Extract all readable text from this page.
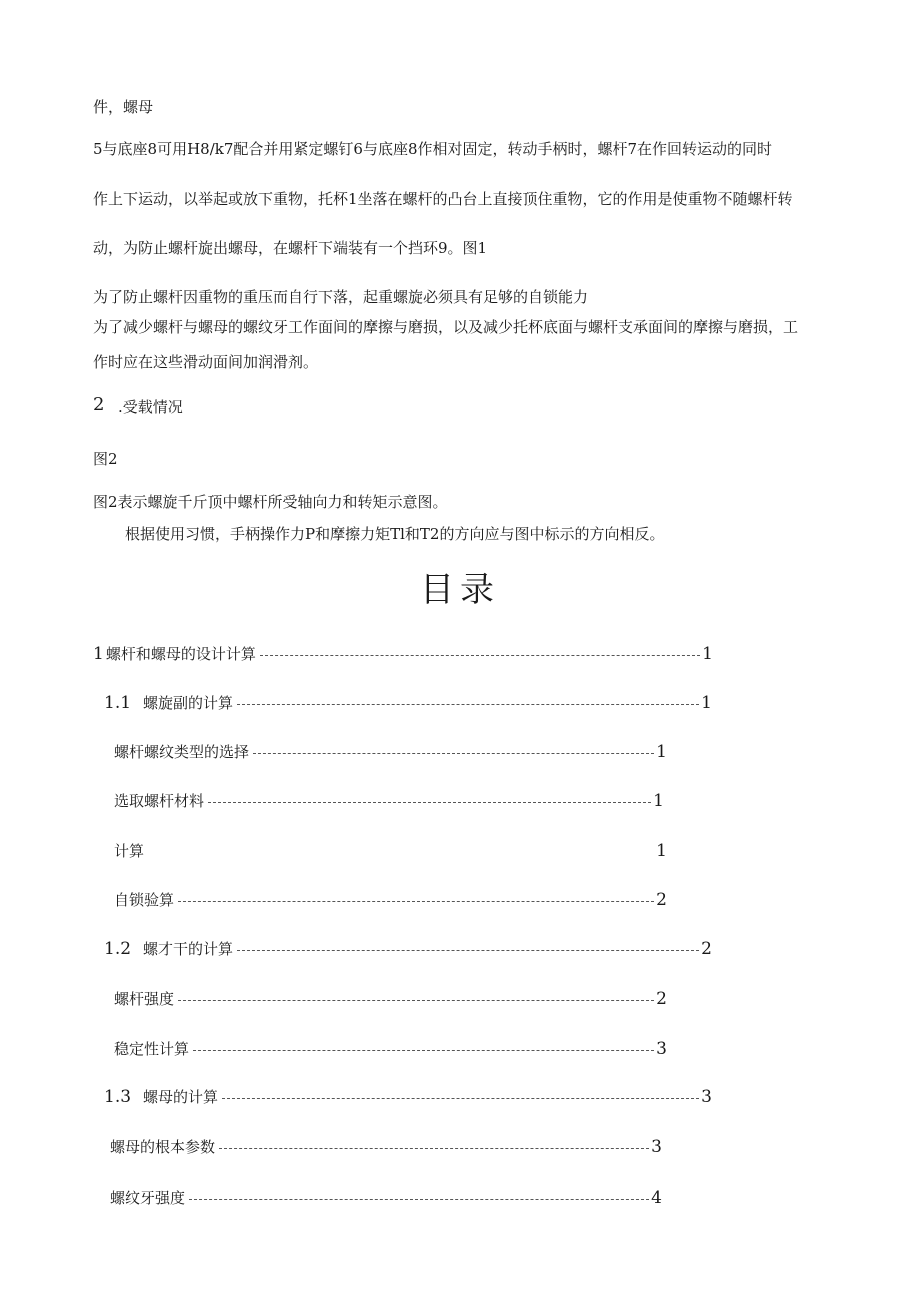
件，螺母
5与底座8可用H8/k7配合并用紧定螺钉6与底座8作相对固定，转动手柄时，螺杆7在作回转运动的同时
作上下运动，以举起或放下重物，托杯1坐落在螺杆的凸台上直接顶住重物，它的作用是使重物不随螺杆转
动，为防止螺杆旋出螺母，在螺杆下端装有一个挡环9。图1
为了防止螺杆因重物的重压而自行下落，起重螺旋必须具有足够的自锁能力
为了减少螺杆与螺母的螺纹牙工作面间的摩擦与磨损，以及减少托杯底面与螺杆支承面间的摩擦与磨损，工
作时应在这些滑动面间加润滑剂。
2 .受载情况
图2
图2表示螺旋千斤顶中螺杆所受轴向力和转矩示意图。
根据使用习惯，手柄操作力P和摩擦力矩Tl和T2的方向应与图中标示的方向相反。
目录
1 螺杆和螺母的设计计算	1
1.1 螺旋副的计算	1
螺杆螺纹类型的选择	1
选取螺杆材料	1
计算	1
自锁验算	2
1.2 螺才干的计算	2
螺杆强度	2
稳定性计算	3
1.3 螺母的计算	3
螺母的根本参数	3
螺纹牙强度	4
